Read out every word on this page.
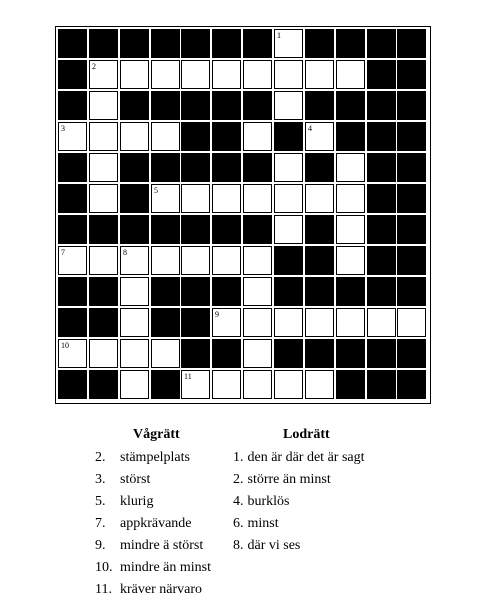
1
2
3	4
5
6
7	8
9
10
11
Vågrätt
2. stämpelplats
3. störst
5. klurig
7. appkrävande
9. mindre ä störst
10. mindre än minst
11. kräver närvaro
Lodrätt
1. den är där det är sagt
2. större än minst
4. burklös
6. minst
8. där vi ses
